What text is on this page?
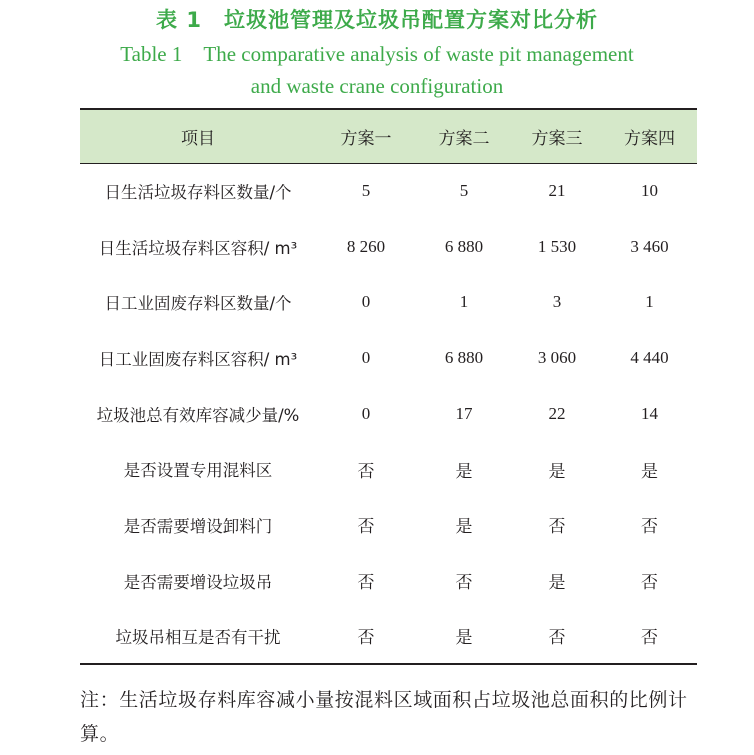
表 1　垃圾池管理及垃圾吊配置方案对比分析
Table 1　The comparative analysis of waste pit management
and waste crane configuration
项目	方案一	方案二	方案三	方案四
日生活垃圾存料区数量/个	5	5	21	10
日生活垃圾存料区容积/ m³	8 260	6 880	1 530	3 460
日工业固废存料区数量/个	0	1	3	1
日工业固废存料区容积/ m³	0	6 880	3 060	4 440
垃圾池总有效库容减少量/%	0	17	22	14
是否设置专用混料区	否	是	是	是
是否需要增设卸料门	否	是	否	否
是否需要增设垃圾吊	否	否	是	否
垃圾吊相互是否有干扰	否	是	否	否
注：生活垃圾存料库容减小量按混料区域面积占垃圾池总面积的比例计算。
